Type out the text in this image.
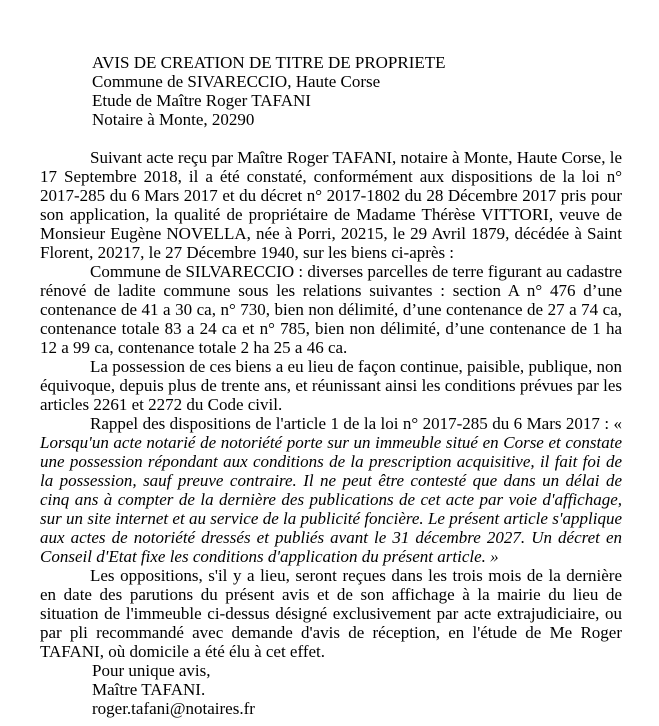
AVIS DE CREATION DE TITRE DE PROPRIETE
Commune de SIVARECCIO, Haute Corse
Etude de Maître Roger TAFANI
Notaire à Monte, 20290

Suivant acte reçu par Maître Roger TAFANI, notaire à Monte, Haute Corse, le 17 Septembre 2018, il a été constaté, conformément aux dispositions de la loi n° 2017-285 du 6 Mars 2017 et du décret n° 2017-1802 du 28 Décembre 2017 pris pour son application, la qualité de propriétaire de Madame Thérèse VITTORI, veuve de Monsieur Eugène NOVELLA, née à Porri, 20215, le 29 Avril 1879, décédée à Saint Florent, 20217, le 27 Décembre 1940, sur les biens ci-après :

Commune de SILVARECCIO : diverses parcelles de terre figurant au cadastre rénové de ladite commune sous les relations suivantes : section A n° 476 d’une contenance de 41 a 30 ca, n° 730, bien non délimité, d’une contenance de 27 a 74 ca, contenance totale 83 a 24 ca et n° 785, bien non délimité, d’une contenance de 1 ha 12 a 99 ca, contenance totale 2 ha 25 a 46 ca.

La possession de ces biens a eu lieu de façon continue, paisible, publique, non équivoque, depuis plus de trente ans, et réunissant ainsi les conditions prévues par les articles 2261 et 2272 du Code civil.

Rappel des dispositions de l'article 1 de la loi n° 2017-285 du 6 Mars 2017 : « Lorsqu'un acte notarié de notoriété porte sur un immeuble situé en Corse et constate une possession répondant aux conditions de la prescription acquisitive, il fait foi de la possession, sauf preuve contraire. Il ne peut être contesté que dans un délai de cinq ans à compter de la dernière des publications de cet acte par voie d'affichage, sur un site internet et au service de la publicité foncière. Le présent article s'applique aux actes de notoriété dressés et publiés avant le 31 décembre 2027. Un décret en Conseil d'Etat fixe les conditions d'application du présent article. »

Les oppositions, s'il y a lieu, seront reçues dans les trois mois de la dernière en date des parutions du présent avis et de son affichage à la mairie du lieu de situation de l'immeuble ci-dessus désigné exclusivement par acte extrajudiciaire, ou par pli recommandé avec demande d'avis de réception, en l'étude de Me Roger TAFANI, où domicile a été élu à cet effet.

Pour unique avis,
Maître TAFANI.
roger.tafani@notaires.fr
